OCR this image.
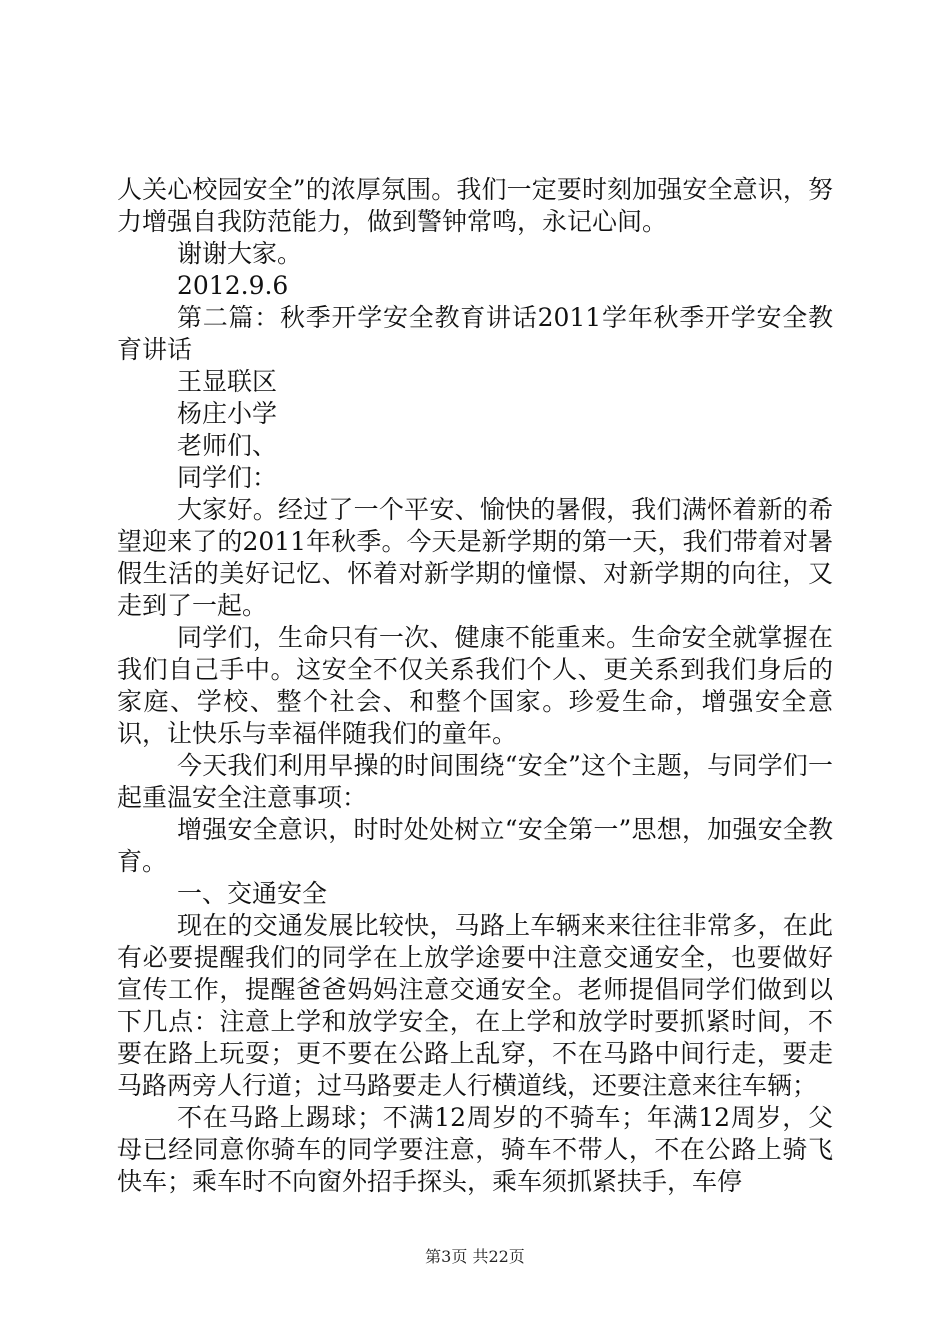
人关心校园安全”的浓厚氛围。我们一定要时刻加强安全意识，努力增强自我防范能力，做到警钟常鸣，永记心间。

谢谢大家。

2012.9.6

第二篇：秋季开学安全教育讲话2011学年秋季开学安全教育讲话

王显联区

杨庄小学

老师们、

同学们：

大家好。经过了一个平安、愉快的暑假，我们满怀着新的希望迎来了的2011年秋季。今天是新学期的第一天，我们带着对暑假生活的美好记忆、怀着对新学期的憧憬、对新学期的向往，又走到了一起。

同学们，生命只有一次、健康不能重来。生命安全就掌握在我们自己手中。这安全不仅关系我们个人、更关系到我们身后的家庭、学校、整个社会、和整个国家。珍爱生命，增强安全意识，让快乐与幸福伴随我们的童年。

今天我们利用早操的时间围绕“安全”这个主题，与同学们一起重温安全注意事项：

增强安全意识，时时处处树立“安全第一”思想，加强安全教育。

一、交通安全

现在的交通发展比较快，马路上车辆来来往往非常多，在此有必要提醒我们的同学在上放学途要中注意交通安全，也要做好宣传工作，提醒爸爸妈妈注意交通安全。老师提倡同学们做到以下几点：注意上学和放学安全，在上学和放学时要抓紧时间，不要在路上玩耍；更不要在公路上乱穿，不在马路中间行走，要走马路两旁人行道；过马路要走人行横道线，还要注意来往车辆；

不在马路上踢球；不满12周岁的不骑车；年满12周岁，父母已经同意你骑车的同学要注意，骑车不带人，不在公路上骑飞快车；乘车时不向窗外招手探头，乘车须抓紧扶手，车停

第3页 共22页
